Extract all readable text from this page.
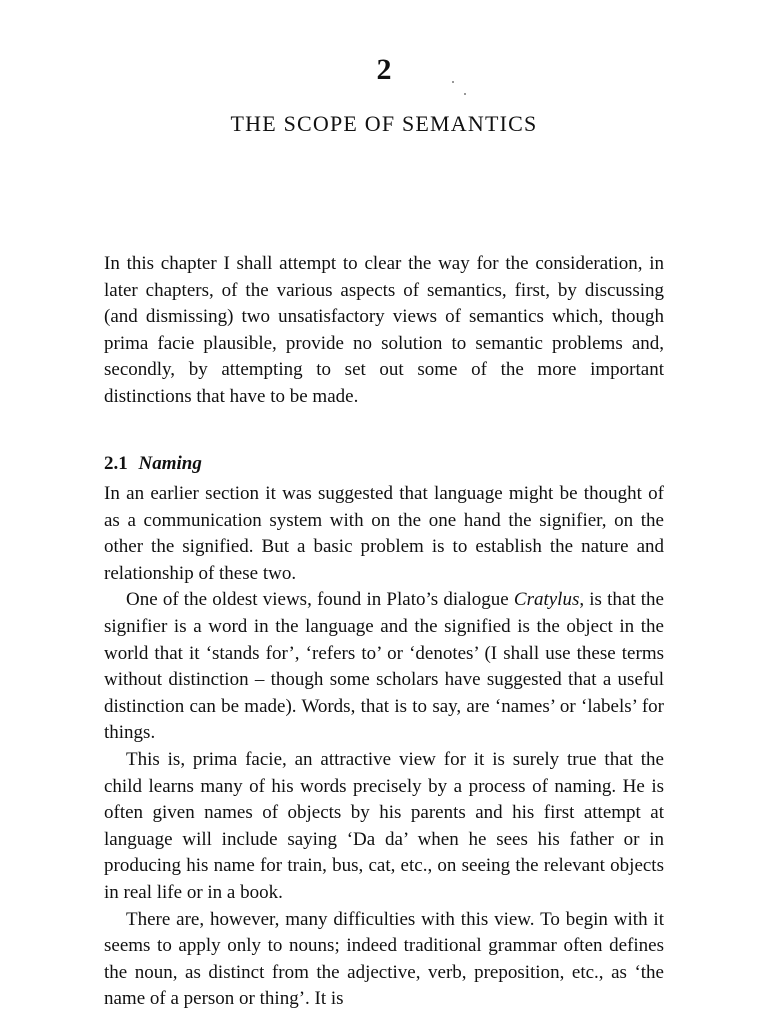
2
THE SCOPE OF SEMANTICS

In this chapter I shall attempt to clear the way for the consideration, in later chapters, of the various aspects of semantics, first, by discussing (and dismissing) two unsatisfactory views of semantics which, though prima facie plausible, provide no solution to semantic problems and, secondly, by attempting to set out some of the more important distinctions that have to be made.

2.1 Naming

In an earlier section it was suggested that language might be thought of as a communication system with on the one hand the signifier, on the other the signified. But a basic problem is to establish the nature and relationship of these two.

One of the oldest views, found in Plato’s dialogue Cratylus, is that the signifier is a word in the language and the signified is the object in the world that it ‘stands for’, ‘refers to’ or ‘denotes’ (I shall use these terms without distinction – though some scholars have suggested that a useful distinction can be made). Words, that is to say, are ‘names’ or ‘labels’ for things.

This is, prima facie, an attractive view for it is surely true that the child learns many of his words precisely by a process of naming. He is often given names of objects by his parents and his first attempt at language will include saying ‘Da da’ when he sees his father or in producing his name for train, bus, cat, etc., on seeing the relevant objects in real life or in a book.

There are, however, many difficulties with this view. To begin with it seems to apply only to nouns; indeed traditional grammar often defines the noun, as distinct from the adjective, verb, preposition, etc., as ‘the name of a person or thing’. It is
